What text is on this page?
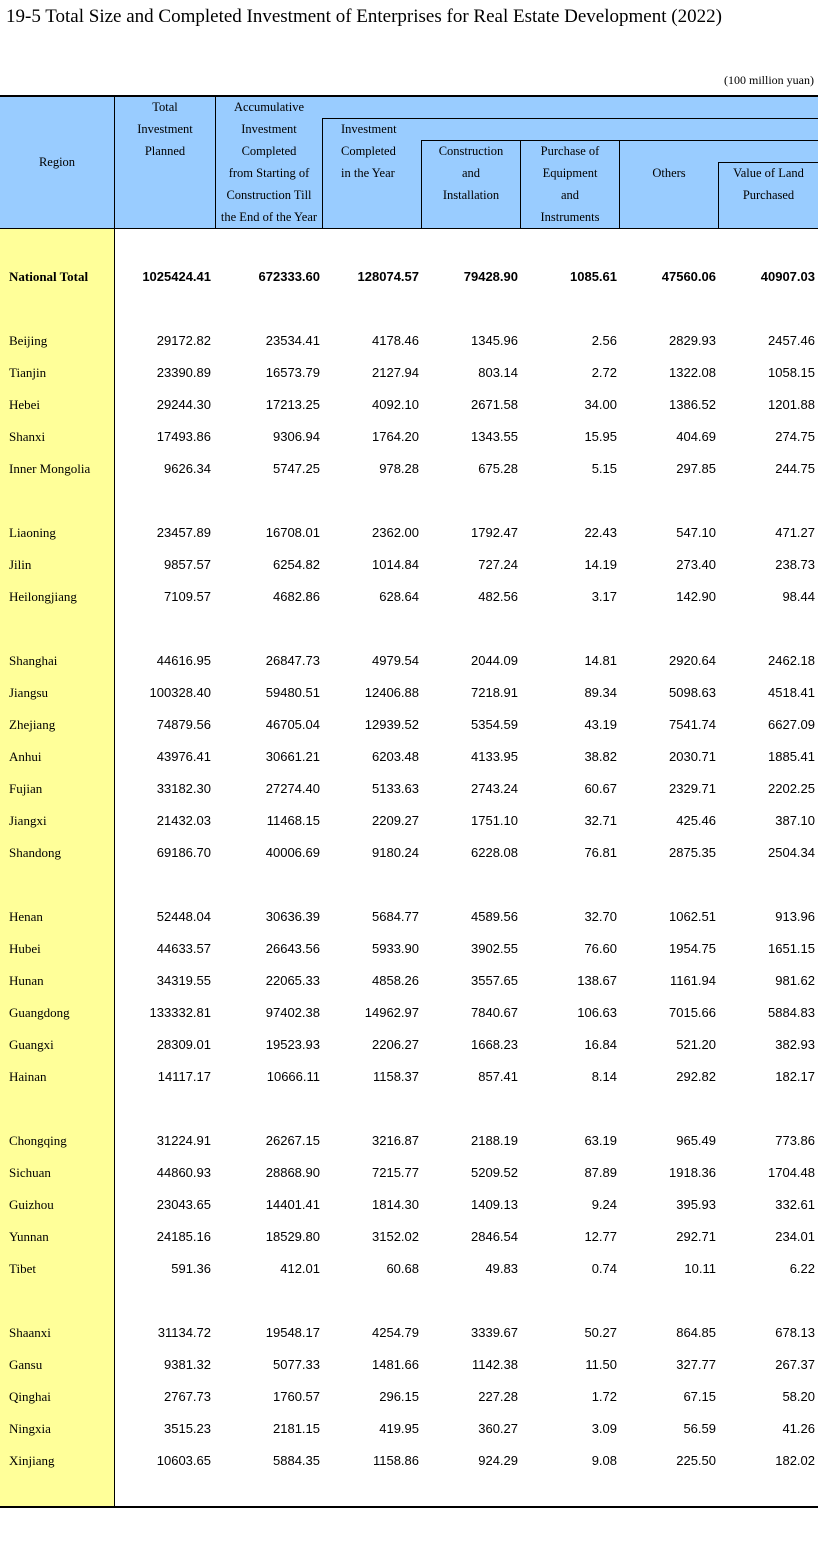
19-5 Total Size and Completed Investment of Enterprises for Real Estate Development (2022)
(100 million yuan)
Region
Total
Investment
Planned
Accumulative
Investment
Completed
from Starting of
Construction Till
the End of the Year
Investment
Completed
in the Year
Construction
and
Installation
Purchase of
Equipment
and
Instruments
Others	Value of Land
Purchased
National Total	1025424.41	672333.60	128074.57	79428.90	1085.61	47560.06	40907.03
Beijing	29172.82	23534.41	4178.46	1345.96	2.56	2829.93	2457.46
Tianjin	23390.89	16573.79	2127.94	803.14	2.72	1322.08	1058.15
Hebei	29244.30	17213.25	4092.10	2671.58	34.00	1386.52	1201.88
Shanxi	17493.86	9306.94	1764.20	1343.55	15.95	404.69	274.75
Inner Mongolia	9626.34	5747.25	978.28	675.28	5.15	297.85	244.75
Liaoning	23457.89	16708.01	2362.00	1792.47	22.43	547.10	471.27
Jilin	9857.57	6254.82	1014.84	727.24	14.19	273.40	238.73
Heilongjiang	7109.57	4682.86	628.64	482.56	3.17	142.90	98.44
Shanghai	44616.95	26847.73	4979.54	2044.09	14.81	2920.64	2462.18
Jiangsu	100328.40	59480.51	12406.88	7218.91	89.34	5098.63	4518.41
Zhejiang	74879.56	46705.04	12939.52	5354.59	43.19	7541.74	6627.09
Anhui	43976.41	30661.21	6203.48	4133.95	38.82	2030.71	1885.41
Fujian	33182.30	27274.40	5133.63	2743.24	60.67	2329.71	2202.25
Jiangxi	21432.03	11468.15	2209.27	1751.10	32.71	425.46	387.10
Shandong	69186.70	40006.69	9180.24	6228.08	76.81	2875.35	2504.34
Henan	52448.04	30636.39	5684.77	4589.56	32.70	1062.51	913.96
Hubei	44633.57	26643.56	5933.90	3902.55	76.60	1954.75	1651.15
Hunan	34319.55	22065.33	4858.26	3557.65	138.67	1161.94	981.62
Guangdong	133332.81	97402.38	14962.97	7840.67	106.63	7015.66	5884.83
Guangxi	28309.01	19523.93	2206.27	1668.23	16.84	521.20	382.93
Hainan	14117.17	10666.11	1158.37	857.41	8.14	292.82	182.17
Chongqing	31224.91	26267.15	3216.87	2188.19	63.19	965.49	773.86
Sichuan	44860.93	28868.90	7215.77	5209.52	87.89	1918.36	1704.48
Guizhou	23043.65	14401.41	1814.30	1409.13	9.24	395.93	332.61
Yunnan	24185.16	18529.80	3152.02	2846.54	12.77	292.71	234.01
Tibet	591.36	412.01	60.68	49.83	0.74	10.11	6.22
Shaanxi	31134.72	19548.17	4254.79	3339.67	50.27	864.85	678.13
Gansu	9381.32	5077.33	1481.66	1142.38	11.50	327.77	267.37
Qinghai	2767.73	1760.57	296.15	227.28	1.72	67.15	58.20
Ningxia	3515.23	2181.15	419.95	360.27	3.09	56.59	41.26
Xinjiang	10603.65	5884.35	1158.86	924.29	9.08	225.50	182.02
